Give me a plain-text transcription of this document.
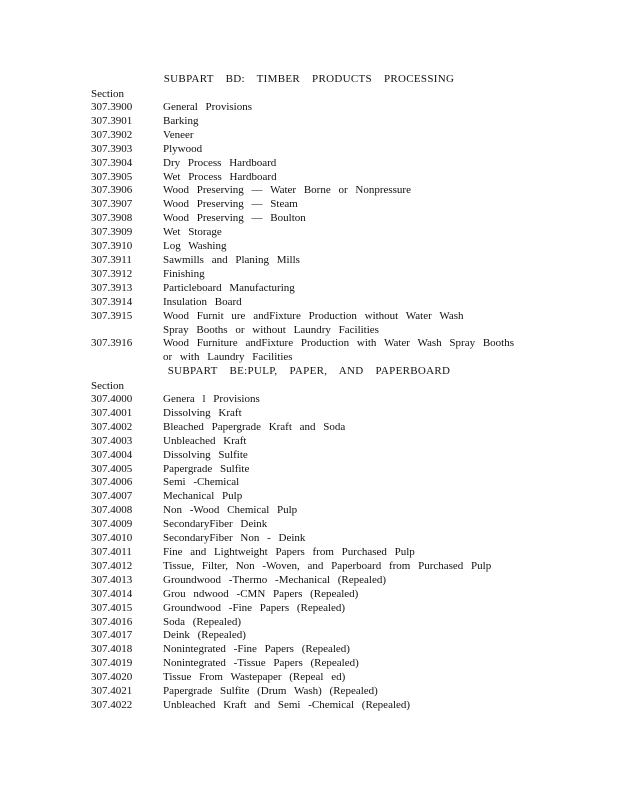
SUBPART BD: TIMBER PRODUCTS PROCESSING
Section
307.3900	General Provisions
307.3901	Barking
307.3902	Veneer
307.3903	Plywood
307.3904	Dry Process Hardboard
307.3905	Wet Process Hardboard
307.3906	Wood Preserving — Water Borne or Nonpressure
307.3907	Wood Preserving — Steam
307.3908	Wood Preserving — Boulton
307.3909	Wet Storage
307.3910	Log Washing
307.3911	Sawmills and Planing Mills
307.3912	Finishing
307.3913	Particleboard Manufacturing
307.3914	Insulation Board
307.3915	Wood Furnit ure andFixture Production without Water Wash Spray Booths or without Laundry Facilities
307.3916	Wood Furniture andFixture Production with Water Wash Spray Booths or with Laundry Facilities
SUBPART BE:PULP, PAPER, AND PAPERBOARD
Section
307.4000	Genera l Provisions
307.4001	Dissolving Kraft
307.4002	Bleached Papergrade Kraft and Soda
307.4003	Unbleached Kraft
307.4004	Dissolving Sulfite
307.4005	Papergrade Sulfite
307.4006	Semi -Chemical
307.4007	Mechanical Pulp
307.4008	Non -Wood Chemical Pulp
307.4009	SecondaryFiber Deink
307.4010	SecondaryFiber Non - Deink
307.4011	Fine and Lightweight Papers from Purchased Pulp
307.4012	Tissue, Filter, Non -Woven, and Paperboard from Purchased Pulp
307.4013	Groundwood -Thermo -Mechanical (Repealed)
307.4014	Grou ndwood -CMN Papers (Repealed)
307.4015	Groundwood -Fine Papers (Repealed)
307.4016	Soda (Repealed)
307.4017	Deink (Repealed)
307.4018	Nonintegrated -Fine Papers (Repealed)
307.4019	Nonintegrated -Tissue Papers (Repealed)
307.4020	Tissue From Wastepaper (Repeal ed)
307.4021	Papergrade Sulfite (Drum Wash) (Repealed)
307.4022	Unbleached Kraft and Semi -Chemical (Repealed)
